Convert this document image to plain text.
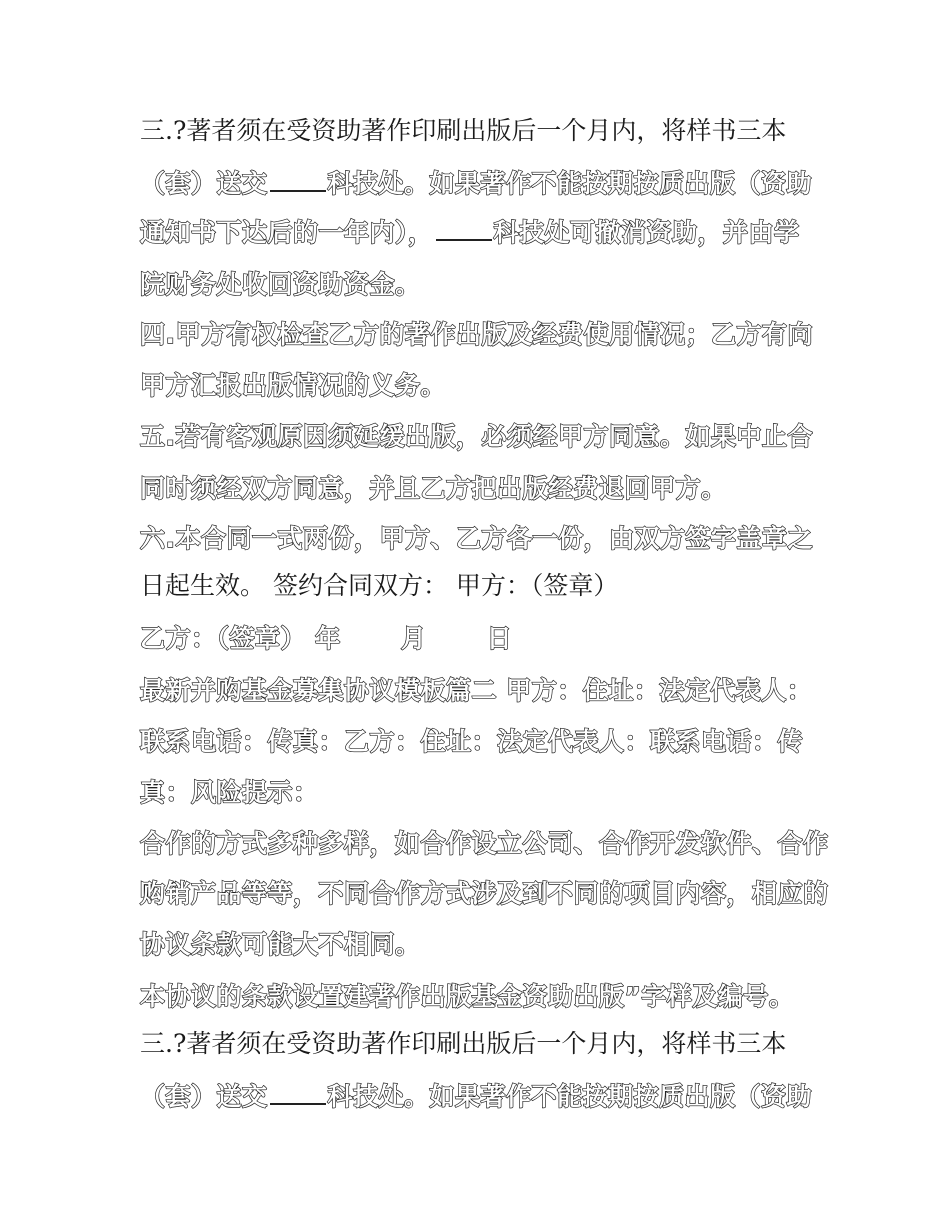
三.?著者须在受资助著作印刷出版后一个月内，将样书三本
（套）送交 科技处。如果著作不能按期按质出版（资助
通知书下达后的一年内）， 科技处可撤消资助，并由学
院财务处收回资助资金。
四.甲方有权检查乙方的著作出版及经费使用情况；乙方有向
甲方汇报出版情况的义务。
五.若有客观原因须延缓出版，必须经甲方同意。如果中止合
同时须经双方同意，并且乙方把出版经费退回甲方。
六.本合同一式两份，甲方、乙方各一份，由双方签字盖章之
日起生效。 签约合同双方： 甲方：（签章）
乙方：（签章） 年 　　月 　　日
最新并购基金募集协议模板篇二 甲方：住址：法定代表人：
联系电话：传真：乙方：住址：法定代表人：联系电话：传
真：风险提示：
合作的方式多种多样，如合作设立公司、合作开发软件、合作
购销产品等等，不同合作方式涉及到不同的项目内容，相应的
协议条款可能大不相同。
本协议的条款设置建著作出版基金资助出版”字样及编号。
三.?著者须在受资助著作印刷出版后一个月内，将样书三本
（套）送交 科技处。如果著作不能按期按质出版（资助
